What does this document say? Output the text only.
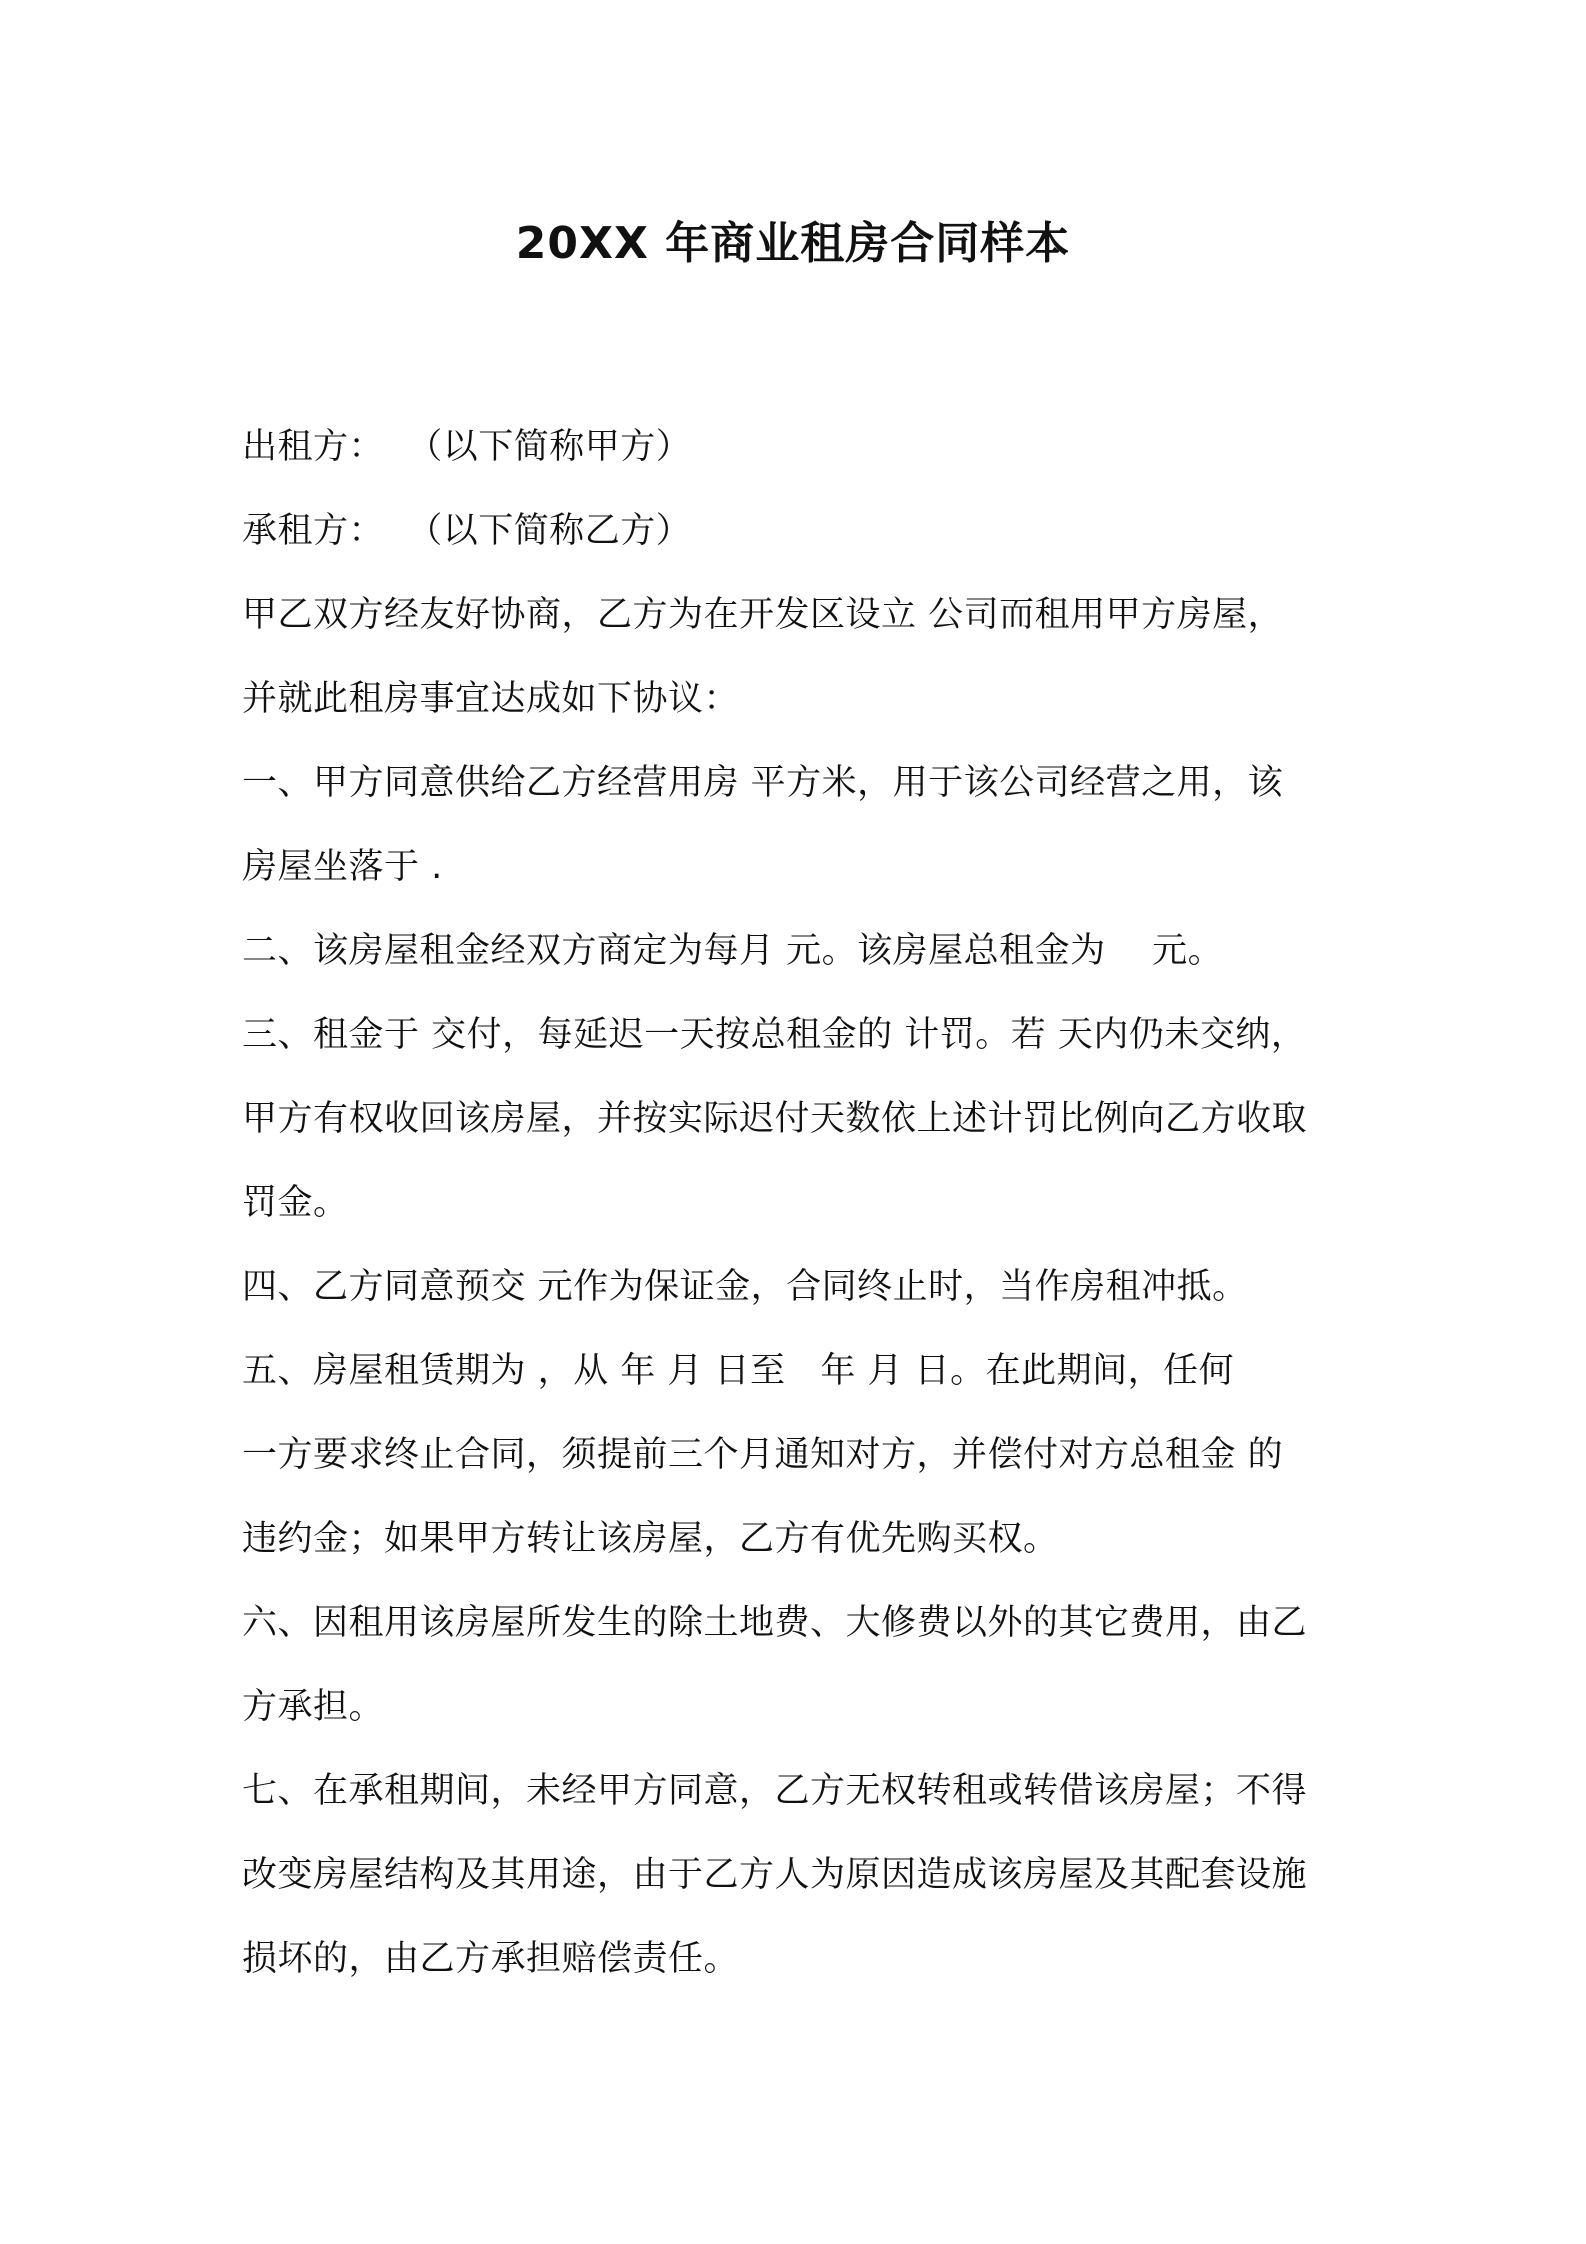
20XX 年商业租房合同样本
出租方：  （以下简称甲方）
承租方：  （以下简称乙方）
甲乙双方经友好协商，乙方为在开发区设立 公司而租用甲方房屋，
并就此租房事宜达成如下协议：
一、甲方同意供给乙方经营用房 平方米，用于该公司经营之用，该
房屋坐落于 .
二、该房屋租金经双方商定为每月 元。该房屋总租金为    元。
三、租金于 交付，每延迟一天按总租金的 计罚。若 天内仍未交纳，
甲方有权收回该房屋，并按实际迟付天数依上述计罚比例向乙方收取
罚金。
四、乙方同意预交 元作为保证金，合同终止时，当作房租冲抵。
五、房屋租赁期为 ，从 年 月 日至   年 月 日。在此期间，任何
一方要求终止合同，须提前三个月通知对方，并偿付对方总租金 的
违约金；如果甲方转让该房屋，乙方有优先购买权。
六、因租用该房屋所发生的除土地费、大修费以外的其它费用，由乙
方承担。
七、在承租期间，未经甲方同意，乙方无权转租或转借该房屋；不得
改变房屋结构及其用途，由于乙方人为原因造成该房屋及其配套设施
损坏的，由乙方承担赔偿责任。
